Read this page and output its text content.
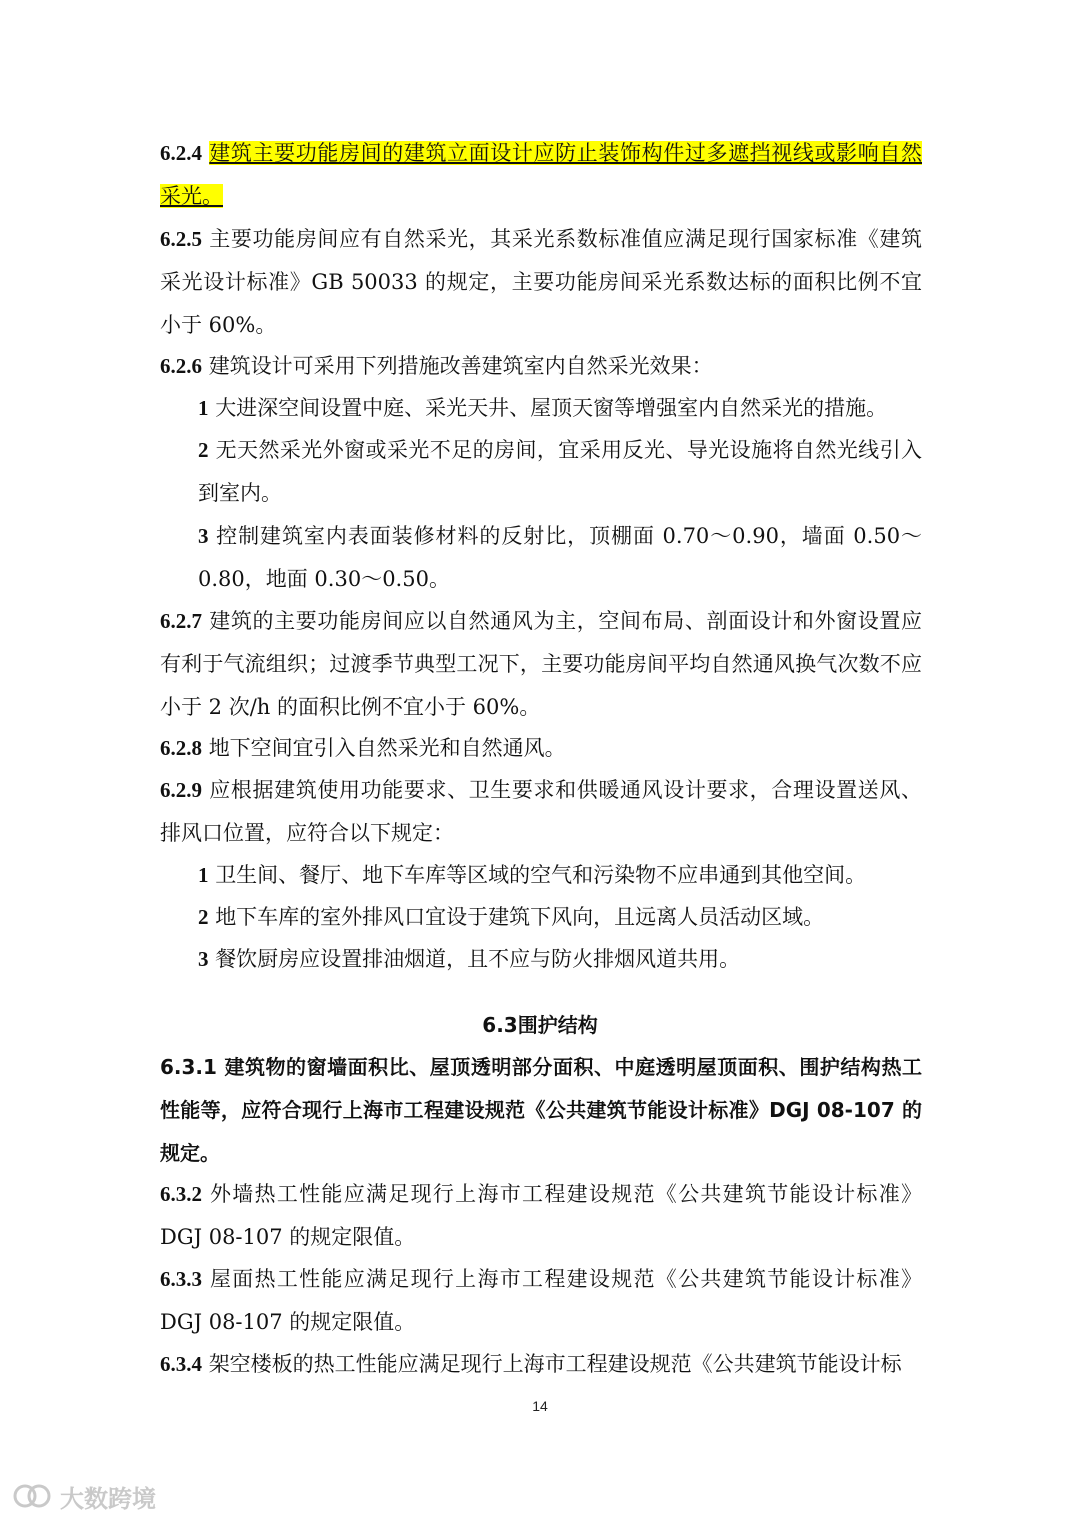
6.2.4 建筑主要功能房间的建筑立面设计应防止装饰构件过多遮挡视线或影响自然采光。

6.2.5 主要功能房间应有自然采光，其采光系数标准值应满足现行国家标准《建筑采光设计标准》GB 50033 的规定，主要功能房间采光系数达标的面积比例不宜小于 60%。

6.2.6 建筑设计可采用下列措施改善建筑室内自然采光效果：

1 大进深空间设置中庭、采光天井、屋顶天窗等增强室内自然采光的措施。

2 无天然采光外窗或采光不足的房间，宜采用反光、导光设施将自然光线引入到室内。

3 控制建筑室内表面装修材料的反射比，顶棚面 0.70～0.90，墙面 0.50～0.80，地面 0.30～0.50。

6.2.7 建筑的主要功能房间应以自然通风为主，空间布局、剖面设计和外窗设置应有利于气流组织；过渡季节典型工况下，主要功能房间平均自然通风换气次数不应小于 2 次/h 的面积比例不宜小于 60%。

6.2.8 地下空间宜引入自然采光和自然通风。

6.2.9 应根据建筑使用功能要求、卫生要求和供暖通风设计要求，合理设置送风、排风口位置，应符合以下规定：

1 卫生间、餐厅、地下车库等区域的空气和污染物不应串通到其他空间。

2 地下车库的室外排风口宜设于建筑下风向，且远离人员活动区域。

3 餐饮厨房应设置排油烟道，且不应与防火排烟风道共用。

6.3围护结构

6.3.1 建筑物的窗墙面积比、屋顶透明部分面积、中庭透明屋顶面积、围护结构热工性能等，应符合现行上海市工程建设规范《公共建筑节能设计标准》DGJ 08-107 的规定。

6.3.2 外墙热工性能应满足现行上海市工程建设规范《公共建筑节能设计标准》DGJ 08-107 的规定限值。

6.3.3 屋面热工性能应满足现行上海市工程建设规范《公共建筑节能设计标准》DGJ 08-107 的规定限值。

6.3.4 架空楼板的热工性能应满足现行上海市工程建设规范《公共建筑节能设计标

14
大数跨境
